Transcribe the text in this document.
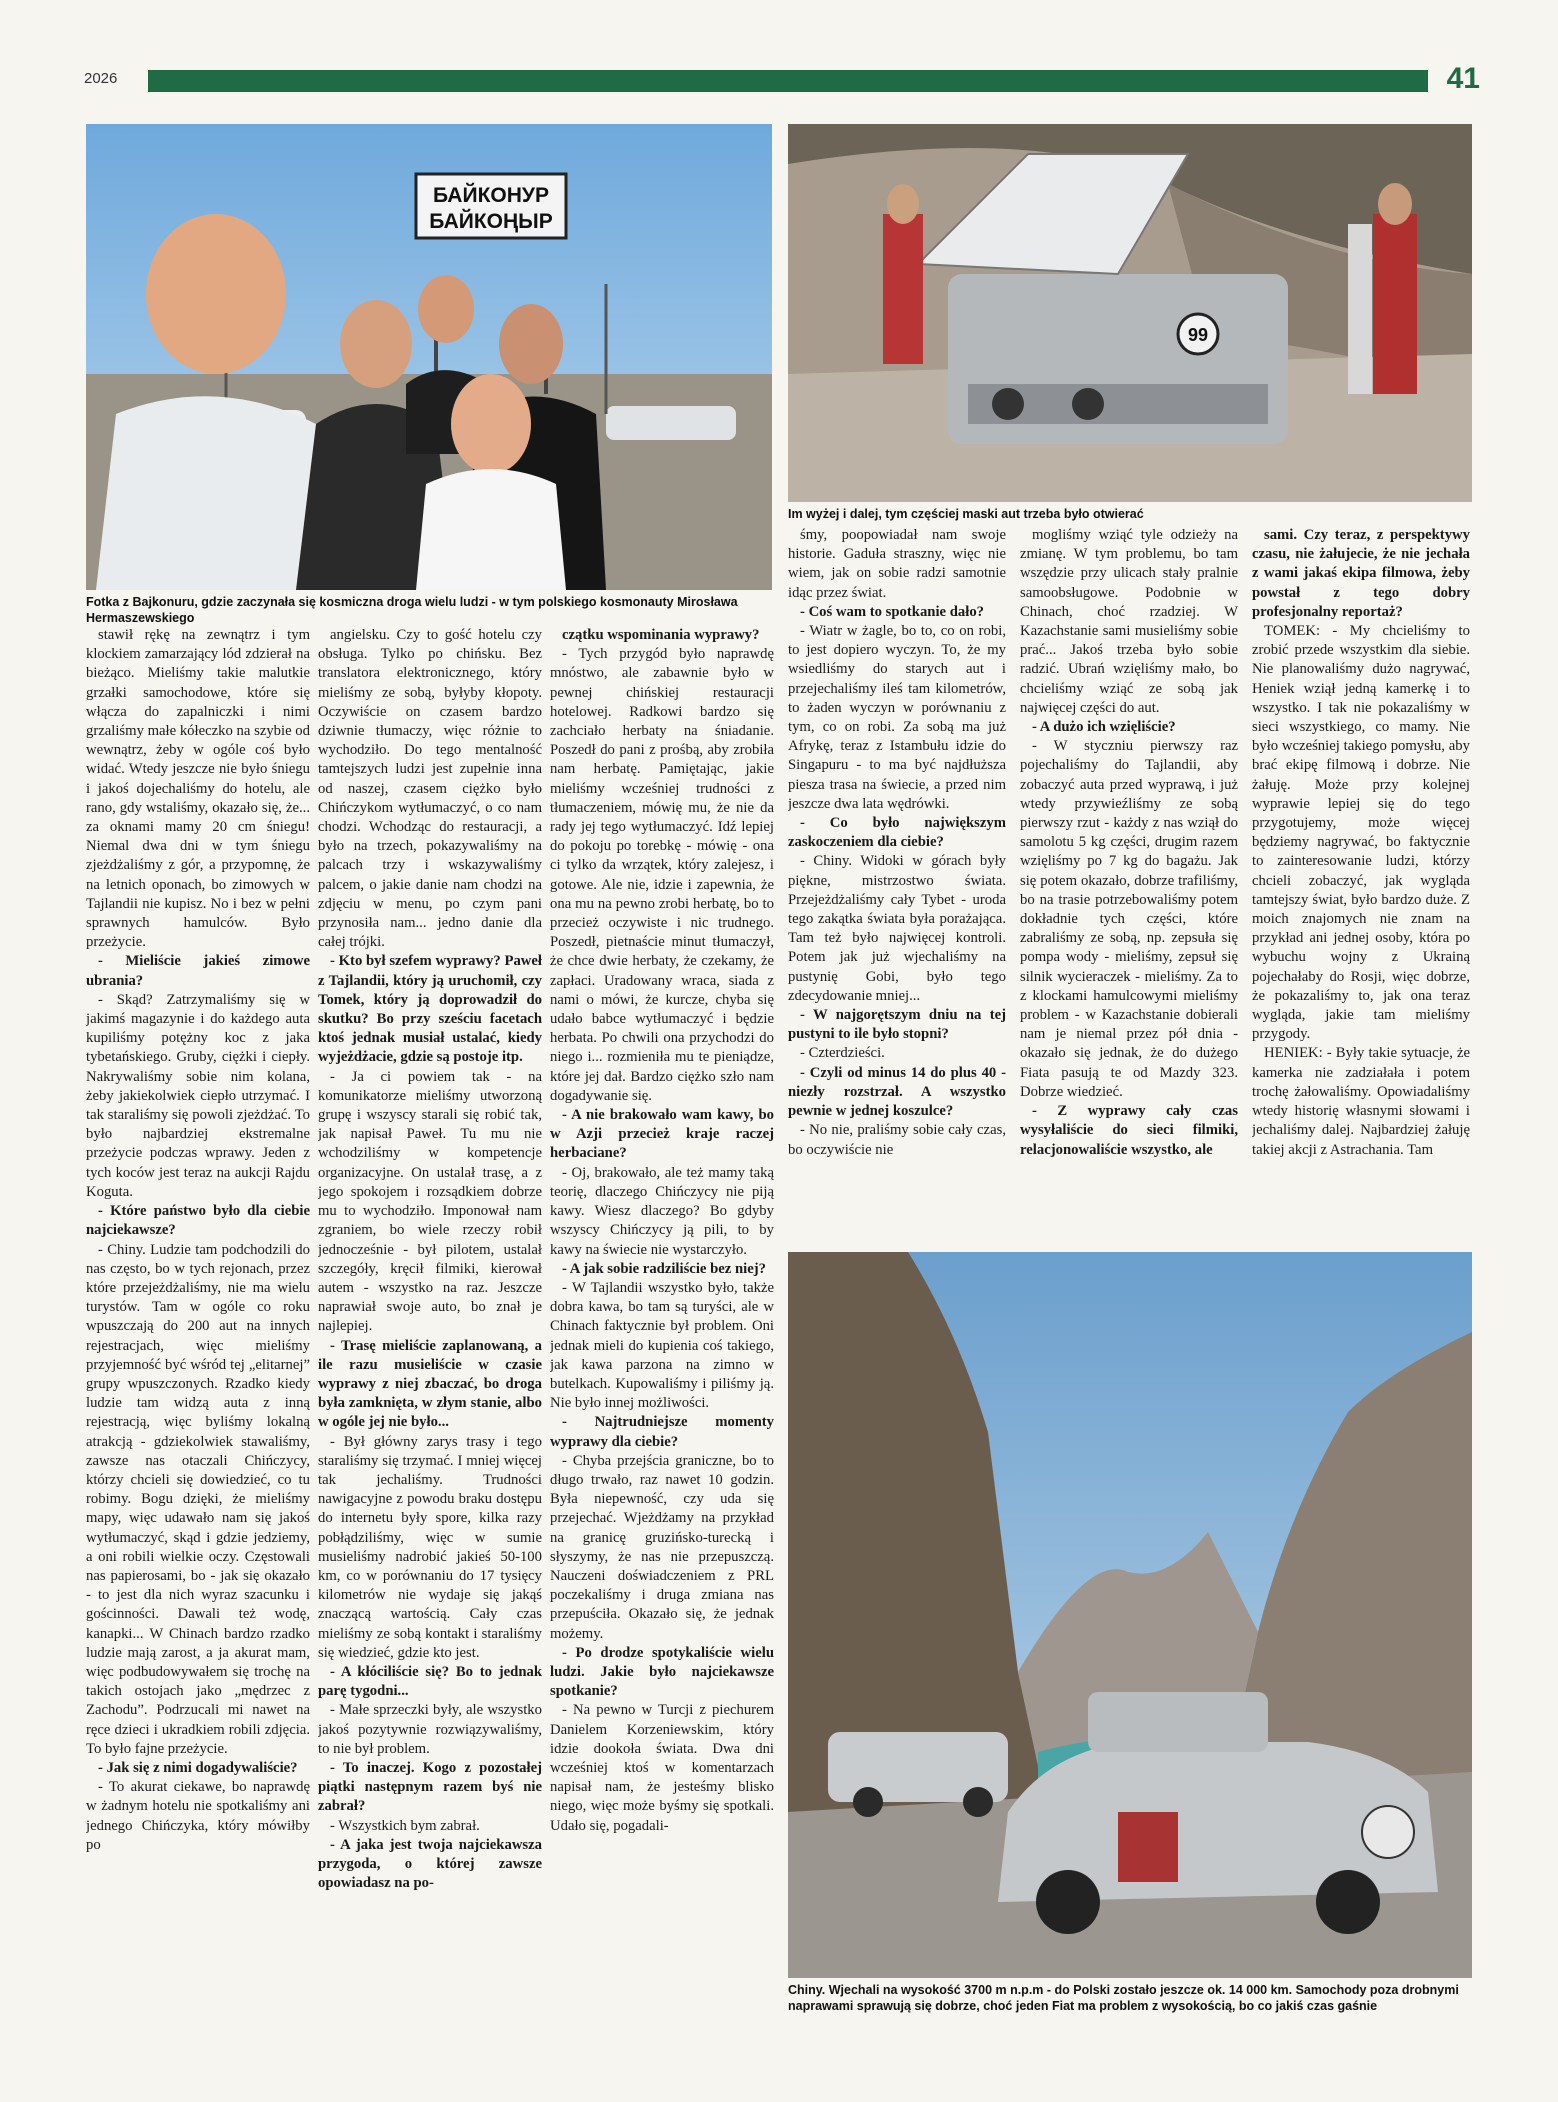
2026	41
БАЙКОНУР
БАЙКОҢЫР
Fotka z Bajkonuru, gdzie zaczynała się kosmiczna droga wielu ludzi - w tym polskiego kosmonauty Mirosława Hermaszewskiego
99
Im wyżej i dalej, tym częściej maski aut trzeba było otwierać
Chiny. Wjechali na wysokość 3700 m n.p.m - do Polski zostało jeszcze ok. 14 000 km. Samochody poza drobnymi naprawami sprawują się dobrze, choć jeden Fiat ma problem z wysokością, bo co jakiś czas gaśnie

stawił rękę na zewnątrz i tym klockiem zamarzający lód zdzierał na bieżąco. Mieliśmy takie malutkie grzałki samochodowe, które się włącza do zapalniczki i nimi grzaliśmy małe kółeczko na szybie od wewnątrz, żeby w ogóle coś było widać. Wtedy jeszcze nie było śniegu i jakoś dojechaliśmy do hotelu, ale rano, gdy wstaliśmy, okazało się, że... za oknami mamy 20 cm śniegu! Niemal dwa dni w tym śniegu zjeżdżaliśmy z gór, a przypomnę, że na letnich oponach, bo zimowych w Tajlandii nie kupisz. No i bez w pełni sprawnych hamulców. Było przeżycie.

- Mieliście jakieś zimowe ubrania?

- Skąd? Zatrzymaliśmy się w jakimś magazynie i do każdego auta kupiliśmy potężny koc z jaka tybetańskiego. Gruby, ciężki i ciepły. Nakrywaliśmy sobie nim kolana, żeby jakiekolwiek ciepło utrzymać. I tak staraliśmy się powoli zjeżdżać. To było najbardziej ekstremalne przeżycie podczas wprawy. Jeden z tych koców jest teraz na aukcji Rajdu Koguta.

- Które państwo było dla ciebie najciekawsze?

- Chiny. Ludzie tam podchodzili do nas często, bo w tych rejonach, przez które przejeżdżaliśmy, nie ma wielu turystów. Tam w ogóle co roku wpuszczają do 200 aut na innych rejestracjach, więc mieliśmy przyjemność być wśród tej „elitarnej” grupy wpuszczonych. Rzadko kiedy ludzie tam widzą auta z inną rejestracją, więc byliśmy lokalną atrakcją - gdziekolwiek stawaliśmy, zawsze nas otaczali Chińczycy, którzy chcieli się dowiedzieć, co tu robimy. Bogu dzięki, że mieliśmy mapy, więc udawało nam się jakoś wytłumaczyć, skąd i gdzie jedziemy, a oni robili wielkie oczy. Częstowali nas papierosami, bo - jak się okazało - to jest dla nich wyraz szacunku i gościnności. Dawali też wodę, kanapki... W Chinach bardzo rzadko ludzie mają zarost, a ja akurat mam, więc podbudowywałem się trochę na takich ostojach jako „mędrzec z Zachodu”. Podrzucali mi nawet na ręce dzieci i ukradkiem robili zdjęcia. To było fajne przeżycie.

- Jak się z nimi dogadywaliście?

- To akurat ciekawe, bo naprawdę w żadnym hotelu nie spotkaliśmy ani jednego Chińczyka, który mówiłby po

angielsku. Czy to gość hotelu czy obsługa. Tylko po chińsku. Bez translatora elektronicznego, który mieliśmy ze sobą, byłyby kłopoty. Oczywiście on czasem bardzo dziwnie tłumaczy, więc różnie to wychodziło. Do tego mentalność tamtejszych ludzi jest zupełnie inna od naszej, czasem ciężko było Chińczykom wytłumaczyć, o co nam chodzi. Wchodząc do restauracji, a było na trzech, pokazywaliśmy na palcach trzy i wskazywaliśmy palcem, o jakie danie nam chodzi na zdjęciu w menu, po czym pani przynosiła nam... jedno danie dla całej trójki.

- Kto był szefem wyprawy? Paweł z Tajlandii, który ją uruchomił, czy Tomek, który ją doprowadził do skutku? Bo przy sześciu facetach ktoś jednak musiał ustalać, kiedy wyjeżdżacie, gdzie są postoje itp.

- Ja ci powiem tak - na komunikatorze mieliśmy utworzoną grupę i wszyscy starali się robić tak, jak napisał Paweł. Tu mu nie wchodziliśmy w kompetencje organizacyjne. On ustalał trasę, a z jego spokojem i rozsądkiem dobrze mu to wychodziło. Imponował nam zgraniem, bo wiele rzeczy robił jednocześnie - był pilotem, ustalał szczegóły, kręcił filmiki, kierował autem - wszystko na raz. Jeszcze naprawiał swoje auto, bo znał je najlepiej.

- Trasę mieliście zaplanowaną, a ile razu musieliście w czasie wyprawy z niej zbaczać, bo droga była zamknięta, w złym stanie, albo w ogóle jej nie było...

- Był główny zarys trasy i tego staraliśmy się trzymać. I mniej więcej tak jechaliśmy. Trudności nawigacyjne z powodu braku dostępu do internetu były spore, kilka razy pobłądziliśmy, więc w sumie musieliśmy nadrobić jakieś 50-100 km, co w porównaniu do 17 tysięcy kilometrów nie wydaje się jakąś znaczącą wartością. Cały czas mieliśmy ze sobą kontakt i staraliśmy się wiedzieć, gdzie kto jest.

- A kłóciliście się? Bo to jednak parę tygodni...

- Małe sprzeczki były, ale wszystko jakoś pozytywnie rozwiązywaliśmy, to nie był problem.

- To inaczej. Kogo z pozostałej piątki następnym razem byś nie zabrał?

- Wszystkich bym zabrał.

- A jaka jest twoja najciekawsza przygoda, o której zawsze opowiadasz na po-

czątku wspominania wyprawy?

- Tych przygód było naprawdę mnóstwo, ale zabawnie było w pewnej chińskiej restauracji hotelowej. Radkowi bardzo się zachciało herbaty na śniadanie. Poszedł do pani z prośbą, aby zrobiła nam herbatę. Pamiętając, jakie mieliśmy wcześniej trudności z tłumaczeniem, mówię mu, że nie da rady jej tego wytłumaczyć. Idź lepiej do pokoju po torebkę - mówię - ona ci tylko da wrzątek, który zalejesz, i gotowe. Ale nie, idzie i zapewnia, że ona mu na pewno zrobi herbatę, bo to przecież oczywiste i nic trudnego. Poszedł, pietnaście minut tłumaczył, że chce dwie herbaty, że czekamy, że zapłaci. Uradowany wraca, siada z nami o mówi, że kurcze, chyba się udało babce wytłumaczyć i będzie herbata. Po chwili ona przychodzi do niego i... rozmieniła mu te pieniądze, które jej dał. Bardzo ciężko szło nam dogadywanie się.

- A nie brakowało wam kawy, bo w Azji przecież kraje raczej herbaciane?

- Oj, brakowało, ale też mamy taką teorię, dlaczego Chińczycy nie piją kawy. Wiesz dlaczego? Bo gdyby wszyscy Chińczycy ją pili, to by kawy na świecie nie wystarczyło.

- A jak sobie radziliście bez niej?

- W Tajlandii wszystko było, także dobra kawa, bo tam są turyści, ale w Chinach faktycznie był problem. Oni jednak mieli do kupienia coś takiego, jak kawa parzona na zimno w butelkach. Kupowaliśmy i piliśmy ją. Nie było innej możliwości.

- Najtrudniejsze momenty wyprawy dla ciebie?

- Chyba przejścia graniczne, bo to długo trwało, raz nawet 10 godzin. Była niepewność, czy uda się przejechać. Wjeżdżamy na przykład na granicę gruzińsko-turecką i słyszymy, że nas nie przepuszczą. Nauczeni doświadczeniem z PRL poczekaliśmy i druga zmiana nas przepuściła. Okazało się, że jednak możemy.

- Po drodze spotykaliście wielu ludzi. Jakie było najciekawsze spotkanie?

- Na pewno w Turcji z piechurem Danielem Korzeniewskim, który idzie dookoła świata. Dwa dni wcześniej ktoś w komentarzach napisał nam, że jesteśmy blisko niego, więc może byśmy się spotkali. Udało się, pogadali-

śmy, poopowiadał nam swoje historie. Gaduła straszny, więc nie wiem, jak on sobie radzi samotnie idąc przez świat.

- Coś wam to spotkanie dało?

- Wiatr w żagle, bo to, co on robi, to jest dopiero wyczyn. To, że my wsiedliśmy do starych aut i przejechaliśmy ileś tam kilometrów, to żaden wyczyn w porównaniu z tym, co on robi. Za sobą ma już Afrykę, teraz z Istambułu idzie do Singapuru - to ma być najdłuższa piesza trasa na świecie, a przed nim jeszcze dwa lata wędrówki.

- Co było największym zaskoczeniem dla ciebie?

- Chiny. Widoki w górach były piękne, mistrzostwo świata. Przejeżdżaliśmy cały Tybet - uroda tego zakątka świata była porażająca. Tam też było najwięcej kontroli. Potem jak już wjechaliśmy na pustynię Gobi, było tego zdecydowanie mniej...

- W najgorętszym dniu na tej pustyni to ile było stopni?

- Czterdzieści.

- Czyli od minus 14 do plus 40 - niezły rozstrzał. A wszystko pewnie w jednej koszulce?

- No nie, praliśmy sobie cały czas, bo oczywiście nie

mogliśmy wziąć tyle odzieży na zmianę. W tym problemu, bo tam wszędzie przy ulicach stały pralnie samoobsługowe. Podobnie w Chinach, choć rzadziej. W Kazachstanie sami musieliśmy sobie prać... Jakoś trzeba było sobie radzić. Ubrań wzięliśmy mało, bo chcieliśmy wziąć ze sobą jak najwięcej części do aut.

- A dużo ich wzięliście?

- W styczniu pierwszy raz pojechaliśmy do Tajlandii, aby zobaczyć auta przed wyprawą, i już wtedy przywieźliśmy ze sobą pierwszy rzut - każdy z nas wziął do samolotu 5 kg części, drugim razem wzięliśmy po 7 kg do bagażu. Jak się potem okazało, dobrze trafiliśmy, bo na trasie potrzebowaliśmy potem dokładnie tych części, które zabraliśmy ze sobą, np. zepsuła się pompa wody - mieliśmy, zepsuł się silnik wycieraczek - mieliśmy. Za to z klockami hamulcowymi mieliśmy problem - w Kazachstanie dobierali nam je niemal przez pół dnia - okazało się jednak, że do dużego Fiata pasują te od Mazdy 323. Dobrze wiedzieć.

- Z wyprawy cały czas wysyłaliście do sieci filmiki, relacjonowaliście wszystko, ale

sami. Czy teraz, z perspektywy czasu, nie żałujecie, że nie jechała z wami jakaś ekipa filmowa, żeby powstał z tego dobry profesjonalny reportaż?

TOMEK: - My chcieliśmy to zrobić przede wszystkim dla siebie. Nie planowaliśmy dużo nagrywać, Heniek wziął jedną kamerkę i to wszystko. I tak nie pokazaliśmy w sieci wszystkiego, co mamy. Nie było wcześniej takiego pomysłu, aby brać ekipę filmową i dobrze. Nie żałuję. Może przy kolejnej wyprawie lepiej się do tego przygotujemy, może więcej będziemy nagrywać, bo faktycznie to zainteresowanie ludzi, którzy chcieli zobaczyć, jak wygląda tamtejszy świat, było bardzo duże. Z moich znajomych nie znam na przykład ani jednej osoby, która po wybuchu wojny z Ukrainą pojechałaby do Rosji, więc dobrze, że pokazaliśmy to, jak ona teraz wygląda, jakie tam mieliśmy przygody.

HENIEK: - Były takie sytuacje, że kamerka nie zadziałała i potem trochę żałowaliśmy. Opowiadaliśmy wtedy historię własnymi słowami i jechaliśmy dalej. Najbardziej żałuję takiej akcji z Astrachania. Tam
